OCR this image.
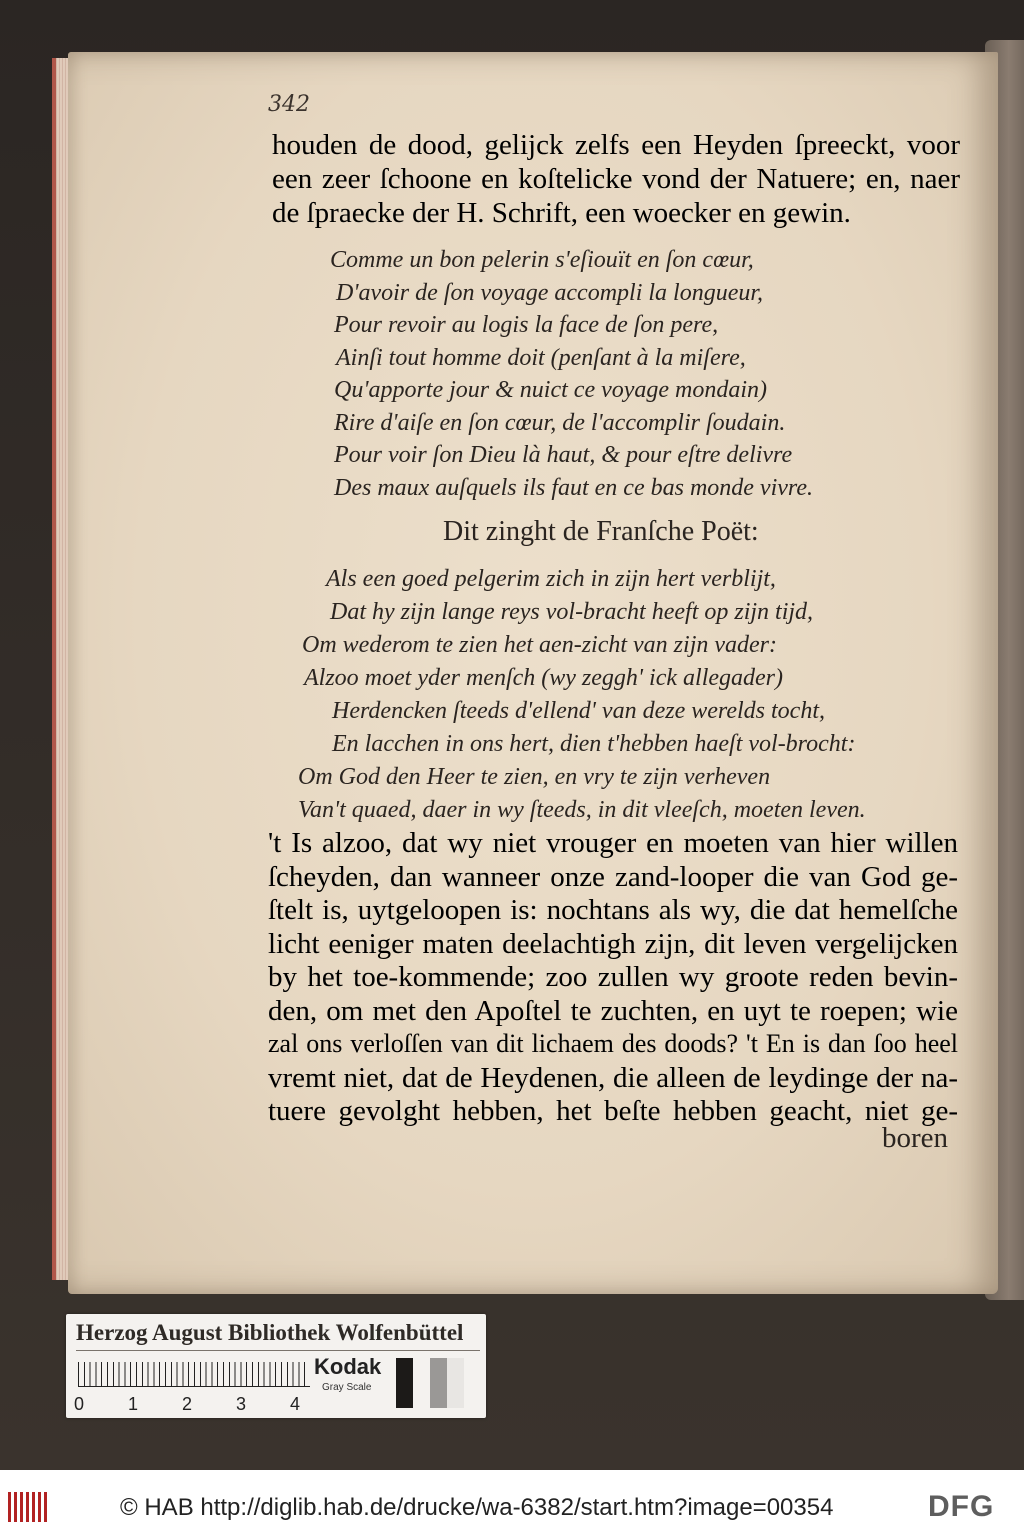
342
houden de dood, gelijck zelfs een Heyden ſpreeckt, voor
een zeer ſchoone en koſtelicke vond der Natuere; en, naer
de ſpraecke der H. Schrift, een woecker en gewin.
Comme un bon pelerin s'eſiouït en ſon cœur,
D'avoir de ſon voyage accompli la longueur,
Pour revoir au logis la face de ſon pere,
Ainſi tout homme doit (penſant à la miſere,
Qu'apporte jour & nuict ce voyage mondain)
Rire d'aiſe en ſon cœur, de l'accomplir ſoudain.
Pour voir ſon Dieu là haut, & pour eſtre delivre
Des maux auſquels ils faut en ce bas monde vivre.
Dit zinght de Franſche Poët:
Als een goed pelgerim zich in zijn hert verblijt,
Dat hy zijn lange reys vol-bracht heeft op zijn tijd,
Om wederom te zien het aen-zicht van zijn vader:
Alzoo moet yder menſch (wy zeggh' ick allegader)
Herdencken ſteeds d'ellend' van deze werelds tocht,
En lacchen in ons hert, dien t'hebben haeſt vol-brocht:
Om God den Heer te zien, en vry te zijn verheven
Van't quaed, daer in wy ſteeds, in dit vleeſch, moeten leven.
't Is alzoo, dat wy niet vrouger en moeten van hier willen
ſcheyden, dan wanneer onze zand-looper die van God ge-
ſtelt is, uytgeloopen is: nochtans als wy, die dat hemelſche
licht eeniger maten deelachtigh zijn, dit leven vergelijcken
by het toe-kommende; zoo zullen wy groote reden bevin-
den, om met den Apoſtel te zuchten, en uyt te roepen; wie
zal ons verloſſen van dit lichaem des doods? 't En is dan ſoo heel
vremt niet, dat de Heydenen, die alleen de leydinge der na-
tuere gevolght hebben, het beſte hebben geacht, niet ge-
boren
Herzog August Bibliothek Wolfenbüttel
0 1 2 3 4
Kodak
Gray Scale
© HAB http://diglib.hab.de/drucke/wa-6382/start.htm?image=00354	DFG
